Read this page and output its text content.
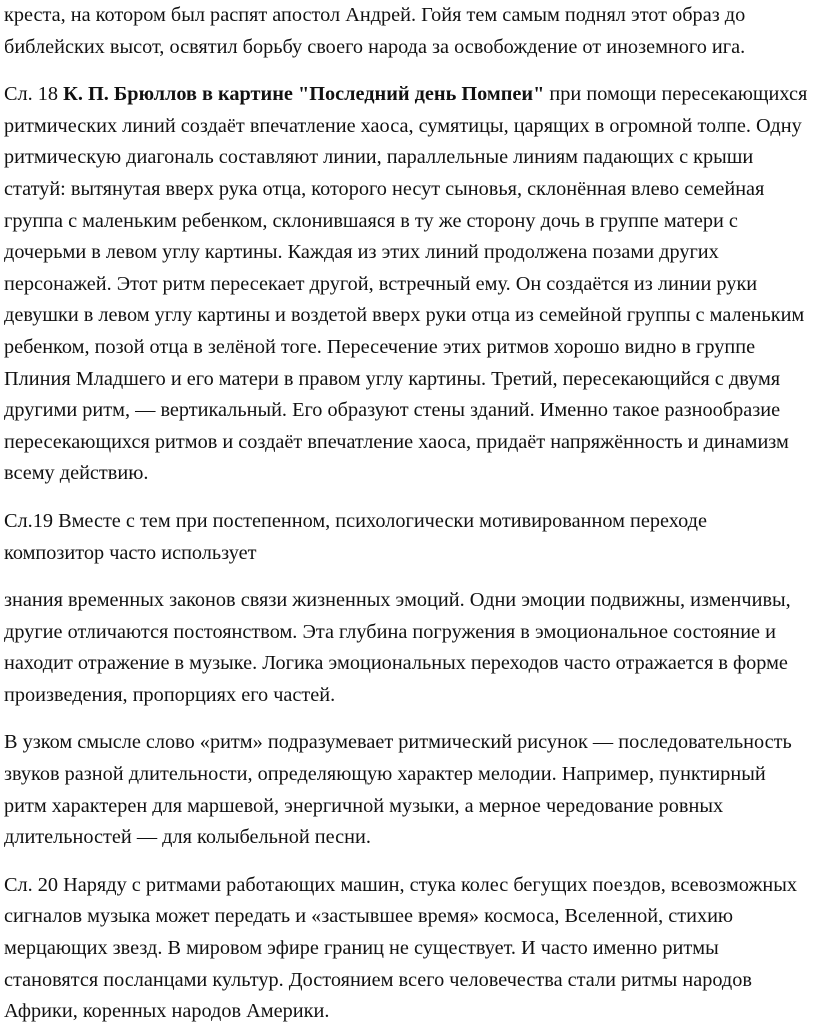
креста, на котором был распят апостол Андрей. Гойя тем самым поднял этот образ до библейских высот, освятил борьбу своего народа за освобождение от иноземного ига.

Сл. 18 К. П. Брюллов в картине "Последний день Помпеи" при помощи пересекающихся ритмических линий создаёт впечатление хаоса, сумятицы, царящих в огромной толпе. Одну ритмическую диагональ составляют линии, параллельные линиям падающих с крыши статуй: вытянутая вверх рука отца, которого несут сыновья, склонённая влево семейная группа с маленьким ребенком, склонившаяся в ту же сторону дочь в группе матери с дочерьми в левом углу картины. Каждая из этих линий продолжена позами других персонажей. Этот ритм пересекает другой, встречный ему. Он создаётся из линии руки девушки в левом углу картины и воздетой вверх руки отца из семейной группы с маленьким ребенком, позой отца в зелёной тоге. Пересечение этих ритмов хорошо видно в группе Плиния Младшего и его матери в правом углу картины. Третий, пересекающийся с двумя другими ритм, — вертикальный. Его образуют стены зданий. Именно такое разнообразие пересекающихся ритмов и создаёт впечатление хаоса, придаёт напряжённость и динамизм всему действию.

Сл.19 Вместе с тем при постепенном, психологически мотивированном переходе композитор часто использует

знания временных законов связи жизненных эмоций. Одни эмоции подвижны, изменчивы, другие отличаются постоянством. Эта глубина погружения в эмоциональное состояние и находит отражение в музыке. Логика эмоциональных переходов часто отражается в форме произведения, пропорциях его частей.

В узком смысле слово «ритм» подразумевает ритмический рисунок — последовательность звуков разной длительности, определяющую характер мелодии. Например, пунктирный ритм характерен для маршевой, энергичной музыки, а мерное чередование ровных длительностей — для колыбельной песни.

Сл. 20 Наряду с ритмами работающих машин, стука колес бегущих поездов, всевозможных сигналов музыка может передать и «застывшее время» космоса, Вселенной, стихию мерцающих звезд. В мировом эфире границ не существует. И часто именно ритмы становятся посланцами культур. Достоянием всего человечества стали ритмы народов Африки, коренных народов Америки.
